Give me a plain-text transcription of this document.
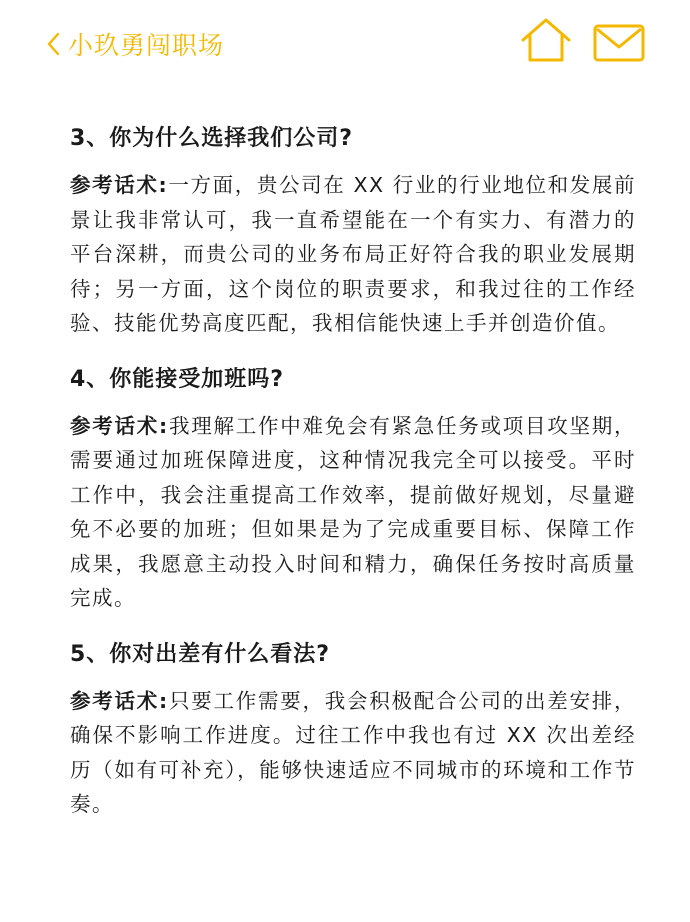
小玖勇闯职场
3、你为什么选择我们公司?

参考话术:一方面，贵公司在 XX 行业的行业地位和发展前景让我非常认可，我一直希望能在一个有实力、有潜力的平台深耕，而贵公司的业务布局正好符合我的职业发展期待；另一方面，这个岗位的职责要求，和我过往的工作经验、技能优势高度匹配，我相信能快速上手并创造价值。

4、你能接受加班吗?

参考话术:我理解工作中难免会有紧急任务或项目攻坚期，需要通过加班保障进度，这种情况我完全可以接受。平时工作中，我会注重提高工作效率，提前做好规划，尽量避免不必要的加班；但如果是为了完成重要目标、保障工作成果，我愿意主动投入时间和精力，确保任务按时高质量完成。

5、你对出差有什么看法?

参考话术:只要工作需要，我会积极配合公司的出差安排，确保不影响工作进度。过往工作中我也有过 XX 次出差经历（如有可补充），能够快速适应不同城市的环境和工作节奏。
